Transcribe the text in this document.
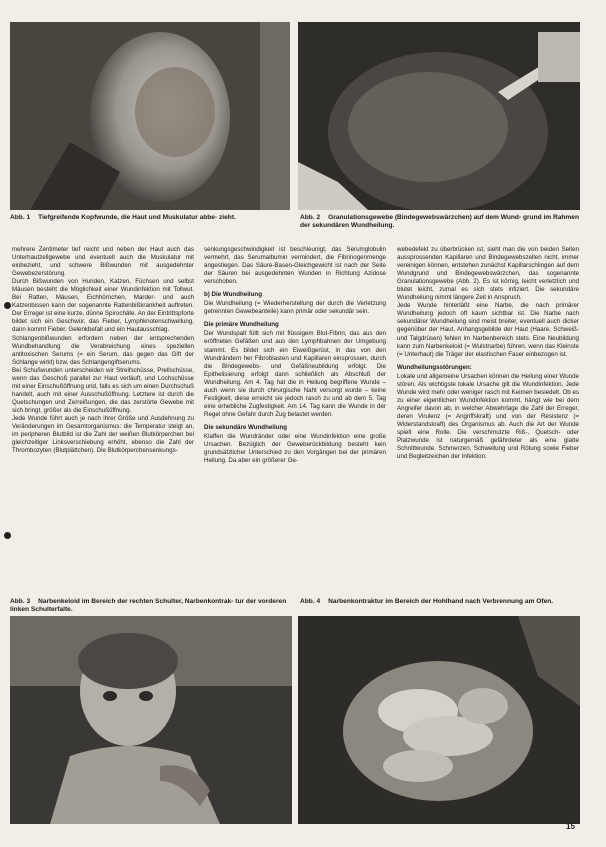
Abb. 1 Tiefgreifende Kopfwunde, die Haut und Muskulatur abbe- zieht.	Abb. 2 Granulationsgewebe (Bindegewebswärzchen) auf dem Wund- grund im Rahmen der sekundären Wundheilung.

mehrere Zentimeter tief reicht und neben der Haut auch das Unterhautzellgewebe und eventuell auch die Muskulatur mit einbezieht, und schwere Bißwunden mit ausgedehnter Gewebezerstörung.

Durch Bißwunden von Hunden, Katzen, Füchsen und selbst Mäusen besteht die Möglichkeit einer Wundinfektion mit Tollwut. Bei Ratten, Mäusen, Eichhörnchen, Marder- und auch Katzenbissen kann der sogenannte Rattenbißkrankheit auftreten. Der Erreger ist eine kurze, dünne Spirochäte. An der Eintrittspforte bildet sich ein Geschwür, das Fieber, Lymphknotenschwellung, dann kommt Fieber, Gelenkbefall und ein Hautausschlag.

Schlangenbißwunden erfordern neben der entsprechenden Wundbehandlung die Verabreichung eines speziellen antitoxischen Serums (= ein Serum, das gegen das Gift der Schlange wirkt) bzw. des Schlangengiftserums.

Bei Schußwunden unterscheiden wir Streifschüsse, Prellschüsse, wenn das Geschoß parallel zur Haut verläuft, und Lochschüsse mit einer Einschußöffnung und, falls es sich um einen Durchschuß handelt, auch mit einer Ausschußöffnung. Letztere ist durch die Quetschungen und Zerreißungen, die das zerstörte Gewebe mit sich bringt, größer als die Einschußöffnung.

Jede Wunde führt auch je nach ihrer Größe und Ausdehnung zu Veränderungen im Gesamtorganismus: die Temperatur steigt an, im peripheren Blutbild ist die Zahl der weißen Blutkörperchen bei gleichzeitiger Linksverschiebung erhöht, ebenso die Zahl der Thrombozyten (Blutplättchen). Die Blutkörperchensenkungs-

senkungsgeschwindigkeit ist beschleunigt, das Serumglobulin vermehrt, das Serumalbumin vermindert, die Fibrinogenmenge angestiegen. Das Säure-Basen-Gleichgewicht ist nach der Seite der Säuren bei ausgedehnten Wunden in Richtung Azidose verschoben.

b) Die Wundheilung

Die Wundheilung (= Wiederherstellung der durch die Verletzung getrennten Gewebeanteile) kann primär oder sekundär sein.

Die primäre Wundheilung

Der Wundspalt füllt sich mit flüssigem Blut-Fibrin, das aus den eröffneten Gefäßen und aus den Lymphbahnen der Umgebung stammt. Es bildet sich ein Eiweißgerüst, in das von den Wundrändern her Fibroblasten und Kapillaren einsprossen, durch die Bindegewebs- und Gefäßneubildung erfolgt. Die Epithelisierung erfolgt dann schließlich als Abschluß der Wundheilung. Am 4. Tag hat die in Heilung begriffene Wunde – auch wenn sie durch chirurgische Naht versorgt wurde – keine Festigkeit, diese erreicht sie jedoch rasch zu und ab dem 5. Tag eine erhebliche Zugfestigkeit. Am 14. Tag kann die Wunde in der Regel ohne Gefahr durch Zug belastet werden.

Die sekundäre Wundheilung

Klaffen die Wundränder oder eine Wundinfektion eine große Ursachen. Bezüglich der Geweberückbildung besteht kein grundsätzlicher Unterschied zu den Vorgängen bei der primären Heilung. Da aber ein größerer Ge-

webedefekt zu überbrücken ist, sieht man die von beiden Seiten aussprossenden Kapillaren und Bindegewebszellen nicht, immer vereinigen können, entstehen zunächst Kapillarschlingen auf dem Wundgrund und Bindegewebswärzchen, das sogenannte Granulationsgewebe (Abb. 2). Es ist körnig, leicht verletzlich und blutet leicht, zumal es sich stets infiziert. Die sekundäre Wundheilung nimmt längere Zeit in Anspruch.

Jede Wunde hinterläßt eine Narbe, die nach primärer Wundheilung jedoch oft kaum sichtbar ist. Die Narbe nach sekundärer Wundheilung sind meist breiter, eventuell auch dicker gegenüber der Haut. Anhangsgebilde der Haut (Haare, Schweiß- und Talgdrüsen) fehlen im Narbenbereich stets. Eine Neubildung kann zum Narbenkeloid (= Wulstnarbe) führen, wenn das Kleinste (= Unterhaut) die Träger der elastischen Faser einbezogen ist.

Wundheilungsstörungen:

Lokale und allgemeine Ursachen können die Heilung einer Wunde stören. Als wichtigste lokale Ursache gilt die Wundinfektion. Jede Wunde wird mehr oder weniger rasch mit Keimen besiedelt. Ob es zu einer eigentlichen Wundinfektion kommt, hängt wie bei dem Angreifer davon ab, in welcher Abwehrlage die Zahl der Erreger, deren Virulenz (= Angriffskraft) und von der Resistenz (= Widerstandskraft) des Organismus ab. Auch die Art der Wunde spielt eine Rolle. Die verschmutzte Riß-, Quetsch- oder Platzwunde ist naturgemäß gefährdeter als eine glatte Schnittwunde. Schmerzen, Schwellung und Rötung sowie Fieber und Begleitzeichen der Infektion.

Abb. 3 Narbenkeloid im Bereich der rechten Schulter, Narbenkontrak- tur der vorderen linken Schulterfalte.
Abb. 4 Narbenkontraktur im Bereich der Hohlhand nach Verbrennung am Ofen.
15
